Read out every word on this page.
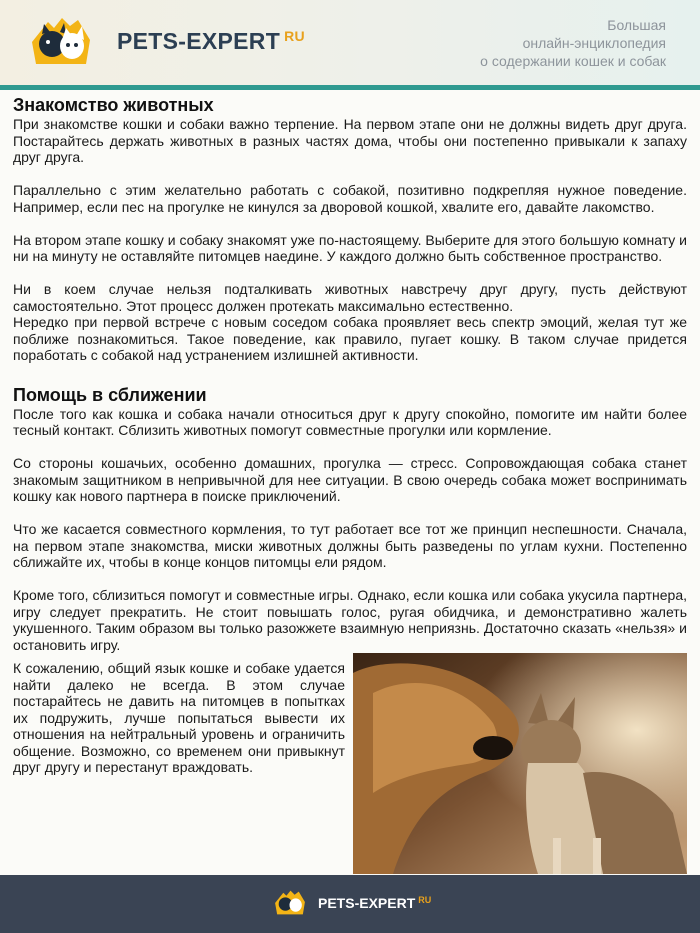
PETS-EXPERT $^{RU}$
Большая
онлайн-энциклопедия
о содержании кошек и собак
Знакомство животных

При знакомстве кошки и собаки важно терпение. На первом этапе они не должны видеть друг друга. Постарайтесь держать животных в разных частях дома, чтобы они постепенно привыкали к запаху друг друга.

Параллельно с этим желательно работать с собакой, позитивно подкрепляя нужное поведение. Например, если пес на прогулке не кинулся за дворовой кошкой, хвалите его, давайте лакомство.

На втором этапе кошку и собаку знакомят уже по-настоящему. Выберите для этого большую комнату и ни на минуту не оставляйте питомцев наедине. У каждого должно быть собственное пространство.

Ни в коем случае нельзя подталкивать животных навстречу друг другу, пусть действуют самостоятельно. Этот процесс должен протекать максимально естественно.

Нередко при первой встрече с новым соседом собака проявляет весь спектр эмоций, желая тут же поближе познакомиться. Такое поведение, как правило, пугает кошку. В таком случае придется поработать с собакой над устранением излишней активности.

Помощь в сближении

После того как кошка и собака начали относиться друг к другу спокойно, помогите им найти более тесный контакт. Сблизить животных помогут совместные прогулки или кормление.

Со стороны кошачьих, особенно домашних, прогулка — стресс. Сопровождающая собака станет знакомым защитником в непривычной для нее ситуации. В свою очередь собака может воспринимать кошку как нового партнера в поиске приключений.

Что же касается совместного кормления, то тут работает все тот же принцип неспешности. Сначала, на первом этапе знакомства, миски животных должны быть разведены по углам кухни. Постепенно сближайте их, чтобы в конце концов питомцы ели рядом.

Кроме того, сблизиться помогут и совместные игры. Однако, если кошка или собака укусила партнера, игру следует прекратить. Не стоит повышать голос, ругая обидчика, и демонстративно жалеть укушенного. Таким образом вы только разожжете взаимную неприязнь. Достаточно сказать «нельзя» и остановить игру.

К сожалению, общий язык кошке и собаке удается найти далеко не всегда. В этом случае постарайтесь не давить на питомцев в попытках их подружить, лучше попытаться вывести их отношения на нейтральный уровень и ограничить общение. Возможно, со временем они привыкнут друг другу и перестанут враждовать.

PETS-EXPERT $^{RU}$
